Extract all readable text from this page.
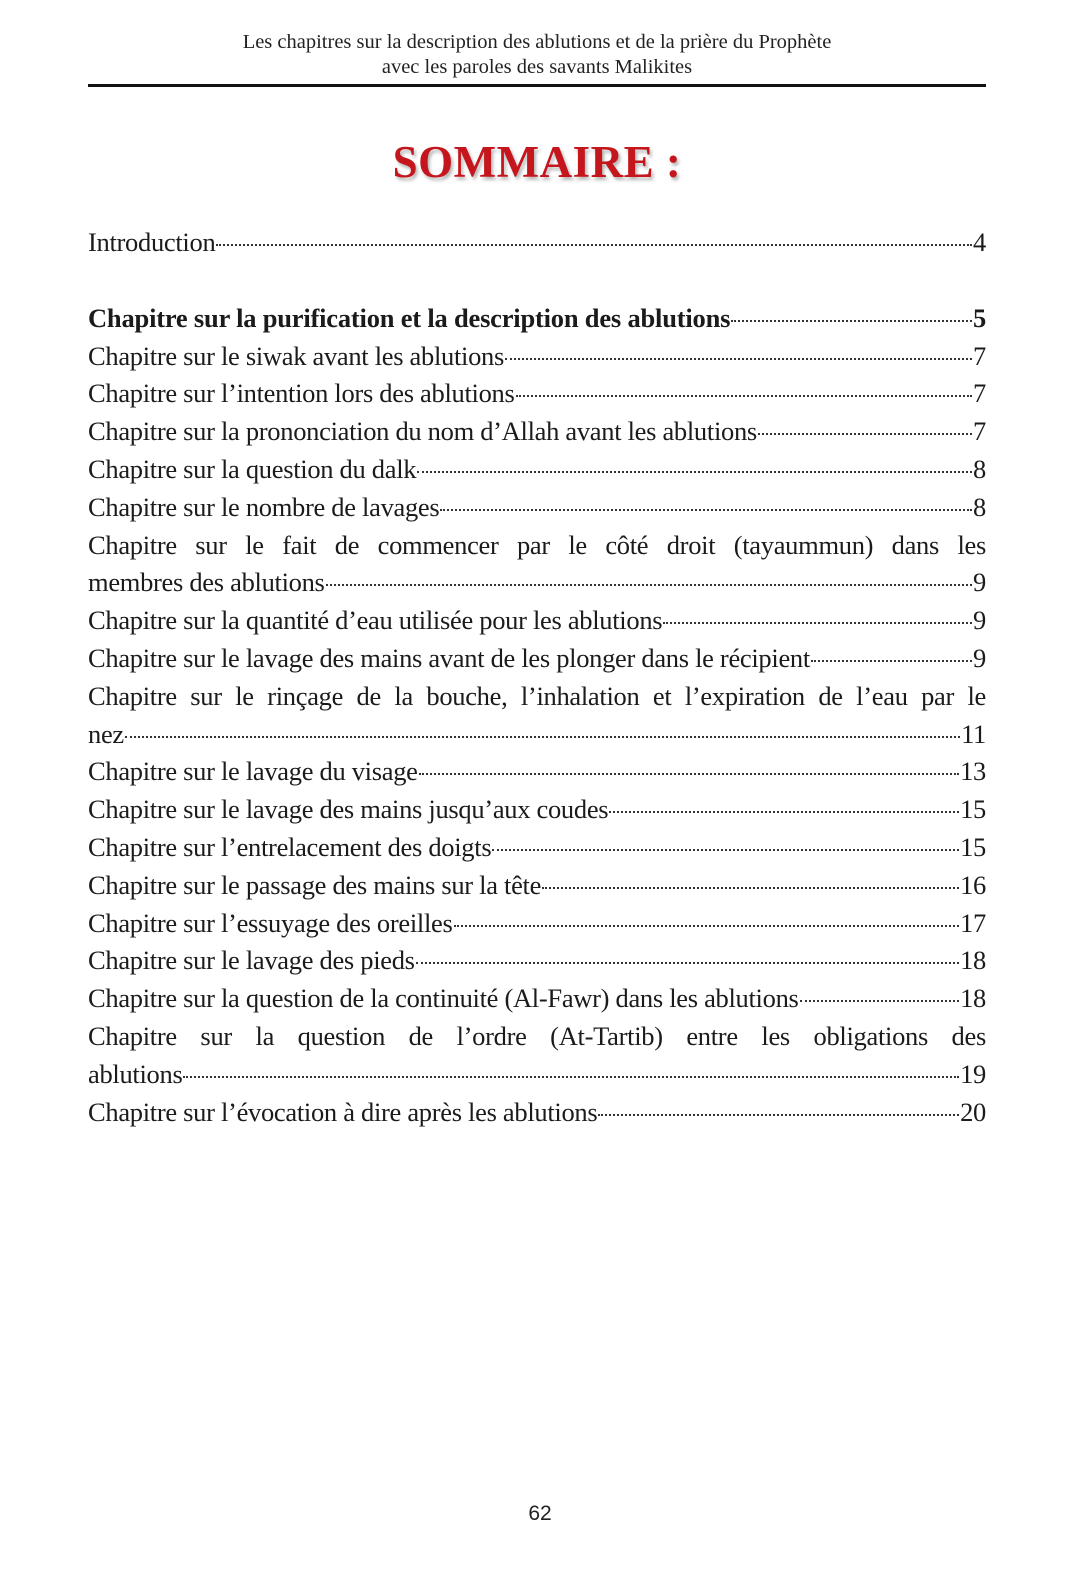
Les chapitres sur la description des ablutions et de la prière du Prophète
avec les paroles des savants Malikites
SOMMAIRE :
Introduction	4
Chapitre sur la purification et la description des ablutions	5
Chapitre sur le siwak avant les ablutions	7
Chapitre sur l’intention lors des ablutions	7
Chapitre sur la prononciation du nom d’Allah avant les ablutions	7
Chapitre sur la question du dalk	8
Chapitre sur le nombre de lavages	8
Chapitre sur le fait de commencer par le côté droit (tayaummun) dans les
membres des ablutions	9
Chapitre sur la quantité d’eau utilisée pour les ablutions	9
Chapitre sur le lavage des mains avant de les plonger dans le récipient	9
Chapitre sur le rinçage de la bouche, l’inhalation et l’expiration de l’eau par le
nez	11
Chapitre sur le lavage du visage	13
Chapitre sur le lavage des mains jusqu’aux coudes	15
Chapitre sur l’entrelacement des doigts	15
Chapitre sur le passage des mains sur la tête	16
Chapitre sur l’essuyage des oreilles	17
Chapitre sur le lavage des pieds	18
Chapitre sur la question de la continuité (Al-Fawr) dans les ablutions	18
Chapitre sur la question de l’ordre (At-Tartib) entre les obligations des
ablutions	19
Chapitre sur l’évocation à dire après les ablutions	20
62
